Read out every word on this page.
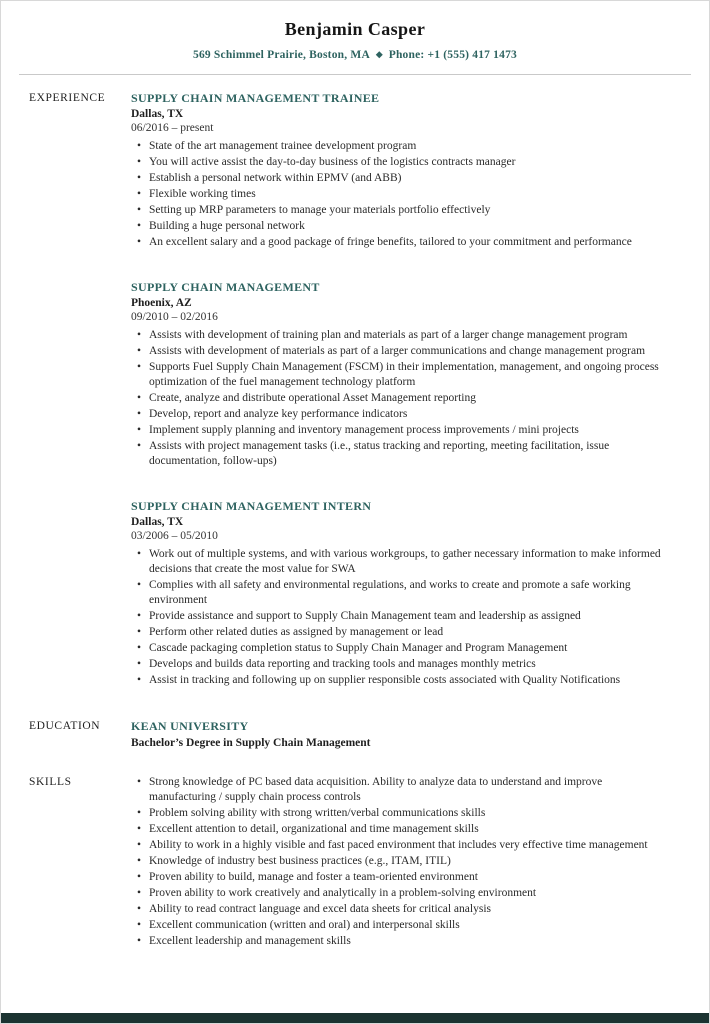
Benjamin Casper
569 Schimmel Prairie, Boston, MA ◆ Phone: +1 (555) 417 1473
EXPERIENCE	SUPPLY CHAIN MANAGEMENT TRAINEE
Dallas, TX
06/2016 – present
• State of the art management trainee development program
• You will active assist the day-to-day business of the logistics contracts manager
• Establish a personal network within EPMV (and ABB)
• Flexible working times
• Setting up MRP parameters to manage your materials portfolio effectively
• Building a huge personal network
• An excellent salary and a good package of fringe benefits, tailored to your commitment and performance
SUPPLY CHAIN MANAGEMENT
Phoenix, AZ
09/2010 – 02/2016
• Assists with development of training plan and materials as part of a larger change management program
• Assists with development of materials as part of a larger communications and change management program
• Supports Fuel Supply Chain Management (FSCM) in their implementation, management, and ongoing process optimization of the fuel management technology platform
• Create, analyze and distribute operational Asset Management reporting
• Develop, report and analyze key performance indicators
• Implement supply planning and inventory management process improvements / mini projects
• Assists with project management tasks (i.e., status tracking and reporting, meeting facilitation, issue documentation, follow-ups)
SUPPLY CHAIN MANAGEMENT INTERN
Dallas, TX
03/2006 – 05/2010
• Work out of multiple systems, and with various workgroups, to gather necessary information to make informed decisions that create the most value for SWA
• Complies with all safety and environmental regulations, and works to create and promote a safe working environment
• Provide assistance and support to Supply Chain Management team and leadership as assigned
• Perform other related duties as assigned by management or lead
• Cascade packaging completion status to Supply Chain Manager and Program Management
• Develops and builds data reporting and tracking tools and manages monthly metrics
• Assist in tracking and following up on supplier responsible costs associated with Quality Notifications
EDUCATION	KEAN UNIVERSITY
Bachelor’s Degree in Supply Chain Management
SKILLS	• Strong knowledge of PC based data acquisition. Ability to analyze data to understand and improve manufacturing / supply chain process controls
• Problem solving ability with strong written/verbal communications skills
• Excellent attention to detail, organizational and time management skills
• Ability to work in a highly visible and fast paced environment that includes very effective time management
• Knowledge of industry best business practices (e.g., ITAM, ITIL)
• Proven ability to build, manage and foster a team-oriented environment
• Proven ability to work creatively and analytically in a problem-solving environment
• Ability to read contract language and excel data sheets for critical analysis
• Excellent communication (written and oral) and interpersonal skills
• Excellent leadership and management skills
